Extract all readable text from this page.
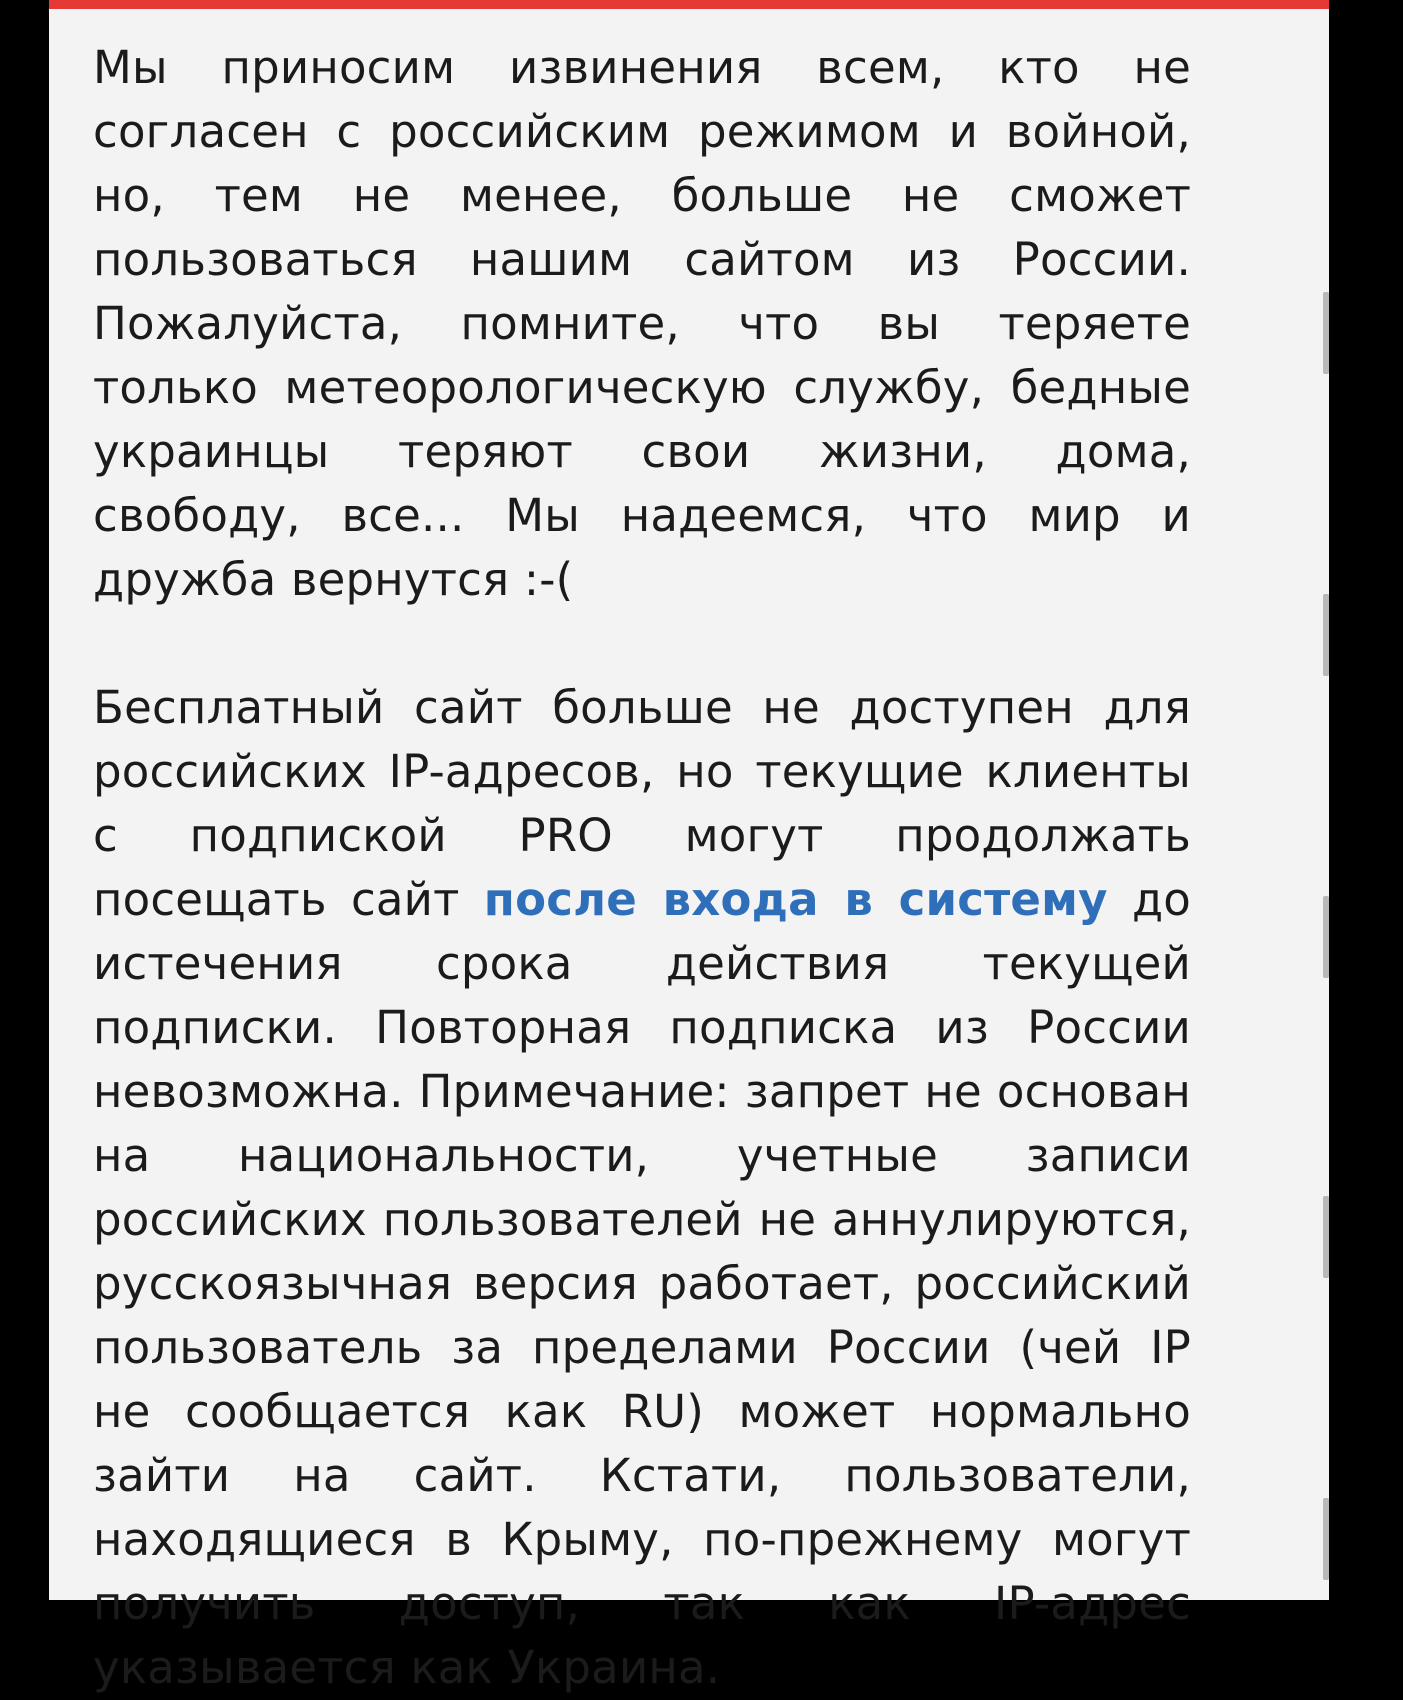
Мы приносим извинения всем, кто не согласен с российским режимом и войной, но, тем не менее, больше не сможет пользоваться нашим сайтом из России. Пожалуйста, помните, что вы теряете только метеорологическую службу, бедные украинцы теряют свои жизни, дома, свободу, все... Мы надеемся, что мир и дружба вернутся :-(

Бесплатный сайт больше не доступен для российских IP-адресов, но текущие клиенты с подпиской PRO могут продолжать посещать сайт после входа в систему до истечения срока действия текущей подписки. Повторная подписка из России невозможна. Примечание: запрет не основан на национальности, учетные записи российских пользователей не аннулируются, русскоязычная версия работает, российский пользователь за пределами России (чей IP не сообщается как RU) может нормально зайти на сайт. Кстати, пользователи, находящиеся в Крыму, по-прежнему могут получить доступ, так как IP-адрес указывается как Украина.
